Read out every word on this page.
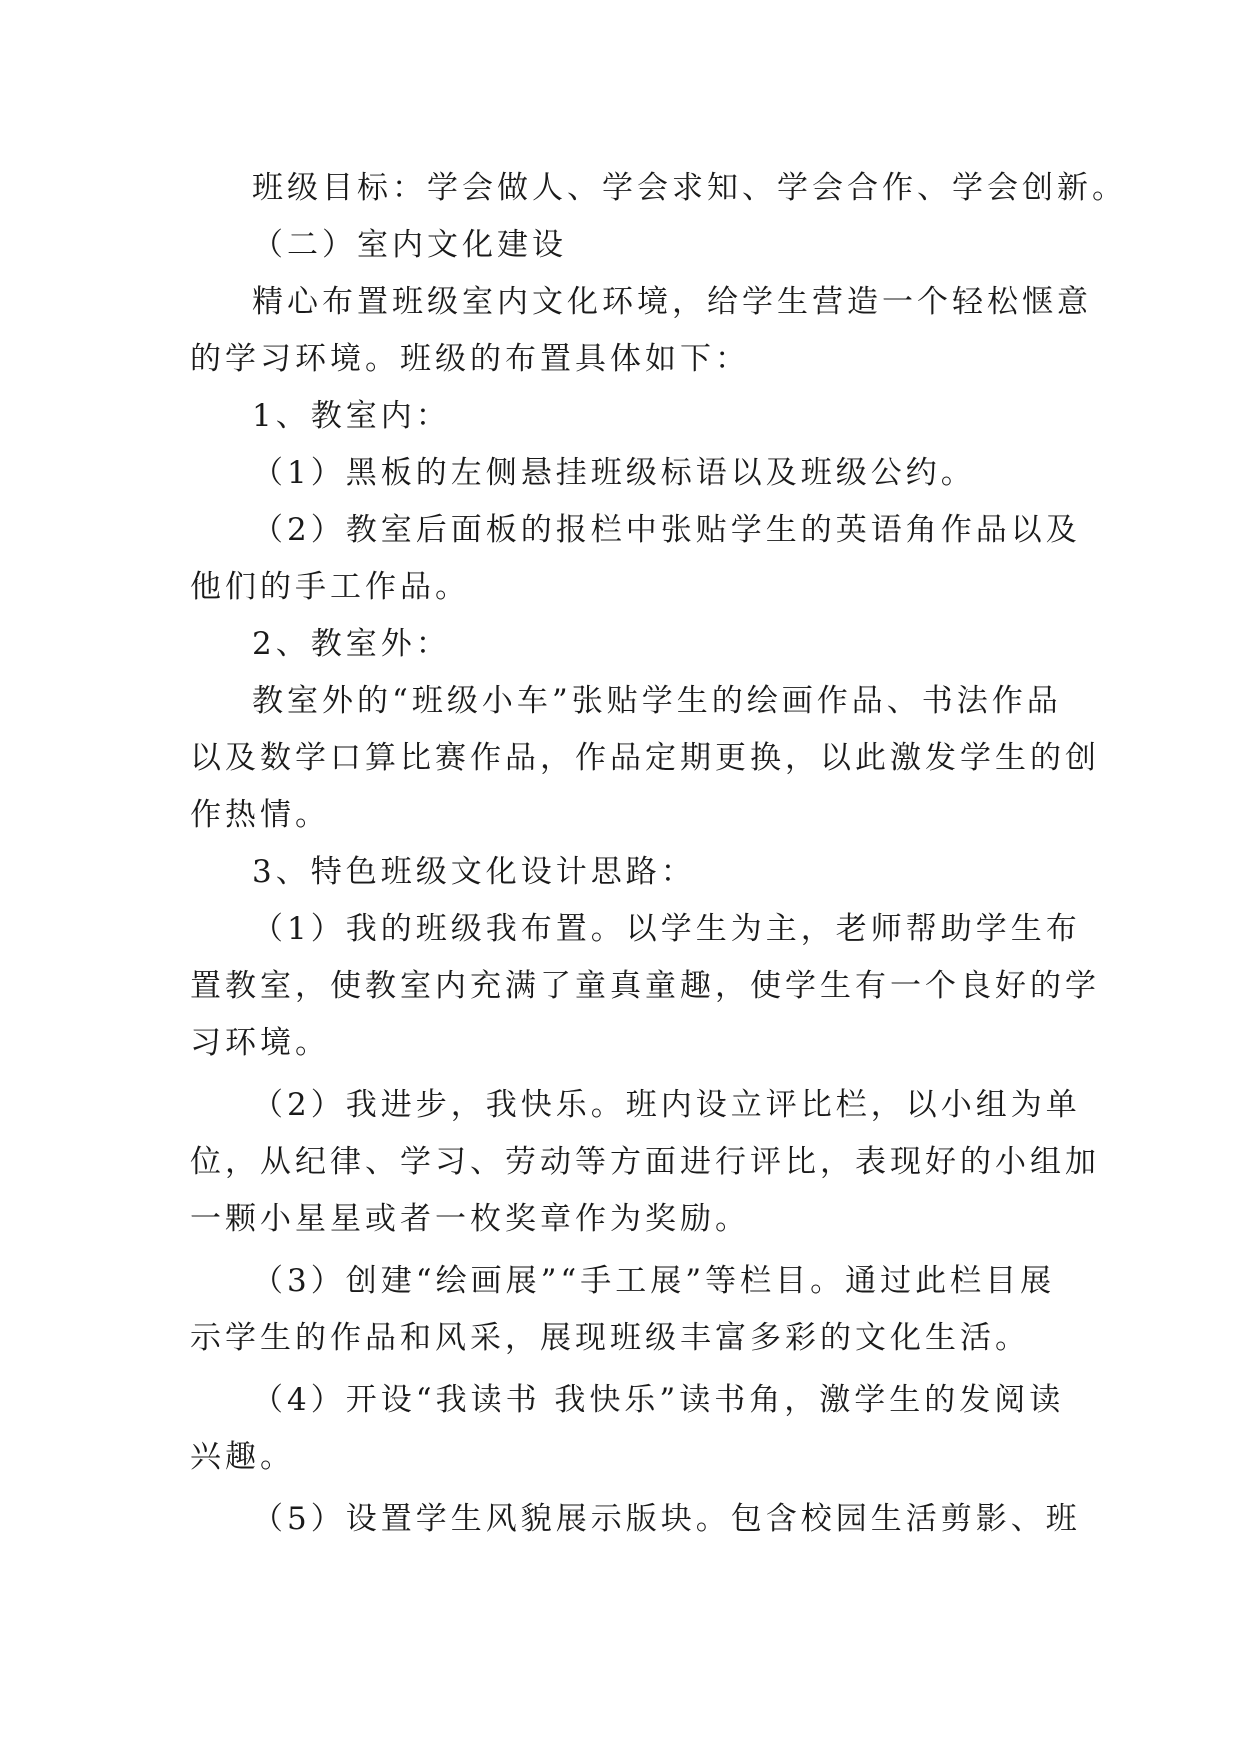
班级目标：学会做人、学会求知、学会合作、学会创新。
（二）室内文化建设
精心布置班级室内文化环境，给学生营造一个轻松惬意
的学习环境。班级的布置具体如下：
1、教室内：
（1）黑板的左侧悬挂班级标语以及班级公约。
（2）教室后面板的报栏中张贴学生的英语角作品以及
他们的手工作品。
2、教室外：
教室外的“班级小车”张贴学生的绘画作品、书法作品
以及数学口算比赛作品，作品定期更换，以此激发学生的创
作热情。
3、特色班级文化设计思路：
（1）我的班级我布置。以学生为主，老师帮助学生布
置教室，使教室内充满了童真童趣，使学生有一个良好的学
习环境。
（2）我进步，我快乐。班内设立评比栏，以小组为单
位，从纪律、学习、劳动等方面进行评比，表现好的小组加
一颗小星星或者一枚奖章作为奖励。
（3）创建“绘画展”“手工展”等栏目。通过此栏目展
示学生的作品和风采，展现班级丰富多彩的文化生活。
（4）开设“我读书 我快乐”读书角，激学生的发阅读
兴趣。
（5）设置学生风貌展示版块。包含校园生活剪影、班
